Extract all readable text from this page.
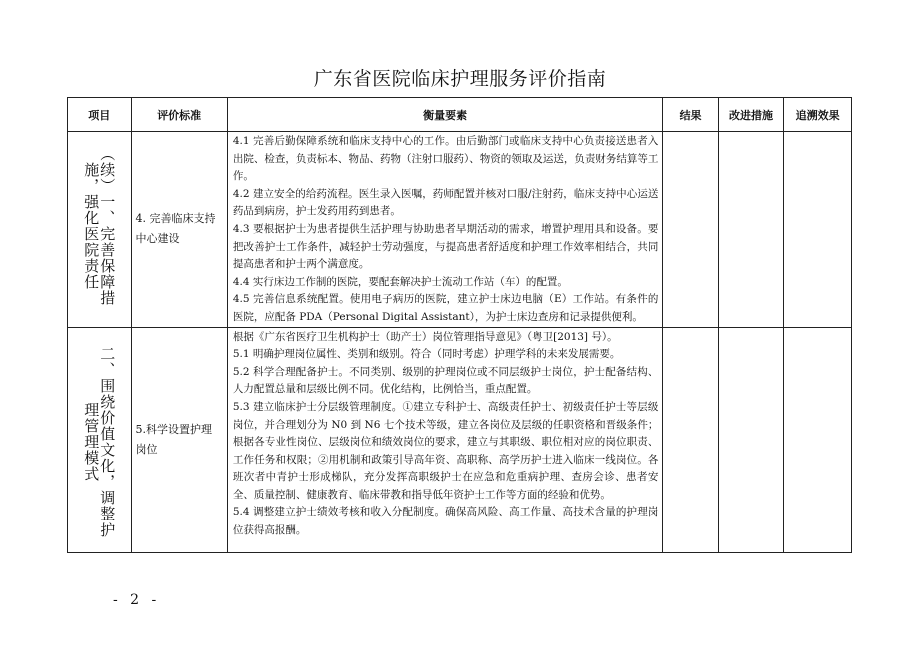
广东省医院临床护理服务评价指南
项目	评价标准	衡量要素	结果	改进措施	追溯效果

（续）一、完善保障措施，强化医院责任	4. 完善临床支持中心建设	4.1 完善后勤保障系统和临床支持中心的工作。由后勤部门或临床支持中心负责接送患者入出院、检查，负责标本、物品、药物（注射口服药）、物资的领取及运送，负责财务结算等工作。

4.2 建立安全的给药流程。医生录入医嘱，药师配置并核对口服/注射药，临床支持中心运送药品到病房，护士发药用药到患者。

4.3 要根据护士为患者提供生活护理与协助患者早期活动的需求，增置护理用具和设备。要把改善护士工作条件，减轻护士劳动强度，与提高患者舒适度和护理工作效率相结合，共同提高患者和护士两个满意度。

4.4 实行床边工作制的医院，要配套解决护士流动工作站（车）的配置。

4.5 完善信息系统配置。使用电子病历的医院，建立护士床边电脑（E）工作站。有条件的医院，应配备 PDA（Personal Digital Assistant），为护士床边查房和记录提供便利。			

二、围绕价值文化，调整护理管理模式	5.科学设置护理岗位	根据《广东省医疗卫生机构护士（助产士）岗位管理指导意见》（粤卫[2013] 号）。

5.1 明确护理岗位属性、类别和级别。符合（同时考虑）护理学科的未来发展需要。

5.2 科学合理配备护士。不同类别、级别的护理岗位或不同层级护士岗位，护士配备结构、人力配置总量和层级比例不同。优化结构，比例恰当，重点配置。

5.3 建立临床护士分层级管理制度。①建立专科护士、高级责任护士、初级责任护士等层级岗位，并合理划分为 N0 到 N6 七个技术等级，建立各岗位及层级的任职资格和晋级条件；根据各专业性岗位、层级岗位和绩效岗位的要求，建立与其职级、职位相对应的岗位职责、工作任务和权限；②用机制和政策引导高年资、高职称、高学历护士进入临床一线岗位。各班次者中青护士形成梯队，充分发挥高职级护士在应急和危重病护理、查房会诊、患者安全、质量控制、健康教育、临床带教和指导低年资护士工作等方面的经验和优势。

5.4 调整建立护士绩效考核和收入分配制度。确保高风险、高工作量、高技术含量的护理岗位获得高报酬。			

- 2 -
